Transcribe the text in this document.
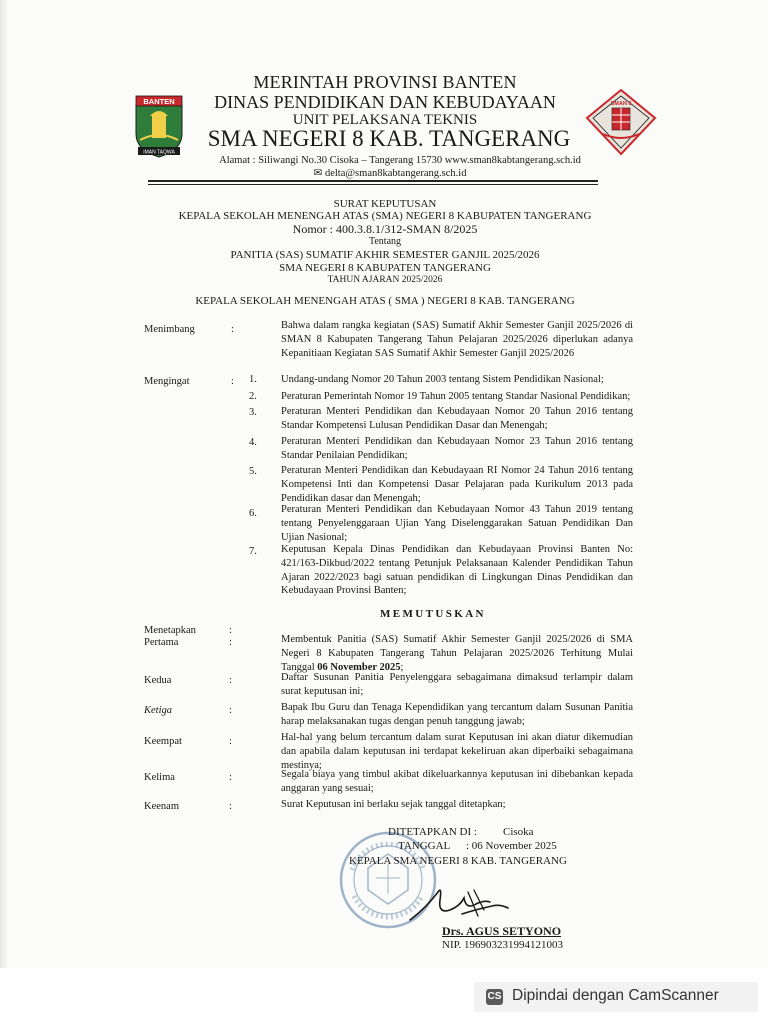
BANTEN
IMAN TAQWA
MERINTAH PROVINSI BANTEN
DINAS PENDIDIKAN DAN KEBUDAYAAN
UNIT PELAKSANA TEKNIS
SMA NEGERI 8 KAB. TANGERANG
Alamat : Siliwangi No.30 Cisoka – Tangerang 15730 www.sman8kabtangerang.sch.id
✉ delta@sman8kabtangerang.sch.id
SMAN 8
SURAT KEPUTUSAN
KEPALA SEKOLAH MENENGAH ATAS (SMA) NEGERI 8 KABUPATEN TANGERANG
Nomor : 400.3.8.1/312-SMAN 8/2025
Tentang
PANITIA (SAS) SUMATIF AKHIR SEMESTER GANJIL 2025/2026
SMA NEGERI 8 KABUPATEN TANGERANG
TAHUN AJARAN 2025/2026
KEPALA SEKOLAH MENENGAH ATAS ( SMA ) NEGERI 8 KAB. TANGERANG
Menimbang	:	Bahwa dalam rangka kegiatan (SAS) Sumatif Akhir Semester Ganjil 2025/2026 di SMAN 8 Kabupaten Tangerang Tahun Pelajaran 2025/2026 diperlukan adanya Kepanitiaan Kegiatan SAS Sumatif Akhir Semester Ganjil 2025/2026
Mengingat	: 1. Undang-undang Nomor 20 Tahun 2003 tentang Sistem Pendidikan Nasional;
2. Peraturan Pemerintah Nomor 19 Tahun 2005 tentang Standar Nasional Pendidikan;
3. Peraturan Menteri Pendidikan dan Kebudayaan Nomor 20 Tahun 2016 tentang Standar Kompetensi Lulusan Pendidikan Dasar dan Menengah;
4. Peraturan Menteri Pendidikan dan Kebudayaan Nomor 23 Tahun 2016 tentang Standar Penilaian Pendidikan;
5. Peraturan Menteri Pendidikan dan Kebudayaan RI Nomor 24 Tahun 2016 tentang Kompetensi Inti dan Kompetensi Dasar Pelajaran pada Kurikulum 2013 pada Pendidikan dasar dan Menengah;
6. Peraturan Menteri Pendidikan dan Kebudayaan Nomor 43 Tahun 2019 tentang tentang Penyelenggaraan Ujian Yang Diselenggarakan Satuan Pendidikan Dan Ujian Nasional;
7. Keputusan Kepala Dinas Pendidikan dan Kebudayaan Provinsi Banten No: 421/163-Dikbud/2022 tentang Petunjuk Pelaksanaan Kalender Pendidikan Tahun Ajaran 2022/2023 bagi satuan pendidikan di Lingkungan Dinas Pendidikan dan Kebudayaan Provinsi Banten;
MEMUTUSKAN
Menetapkan	:
Pertama	:	Membentuk Panitia (SAS) Sumatif Akhir Semester Ganjil 2025/2026 di SMA Negeri 8 Kabupaten Tangerang Tahun Pelajaran 2025/2026 Terhitung Mulai Tanggal 06 November 2025;
Kedua	:	Daftar Susunan Panitia Penyelenggara sebagaimana dimaksud terlampir dalam surat keputusan ini;
Ketiga	:	Bapak Ibu Guru dan Tenaga Kependidikan yang tercantum dalam Susunan Panitia harap melaksanakan tugas dengan penuh tanggung jawab;
Keempat	:	Hal-hal yang belum tercantum dalam surat Keputusan ini akan diatur dikemudian dan apabila dalam keputusan ini terdapat kekeliruan akan diperbaiki sebagaimana mestinya;
Kelima	:	Segala biaya yang timbul akibat dikeluarkannya keputusan ini dibebankan kepada anggaran yang sesuai;
Keenam	:	Surat Keputusan ini berlaku sejak tanggal ditetapkan;
DITETAPKAN DI : Cisoka
TANGGAL : 06 November 2025
KEPALA SMA NEGERI 8 KAB. TANGERANG
Drs. AGUS SETYONO
NIP. 196903231994121003
CS Dipindai dengan CamScanner
